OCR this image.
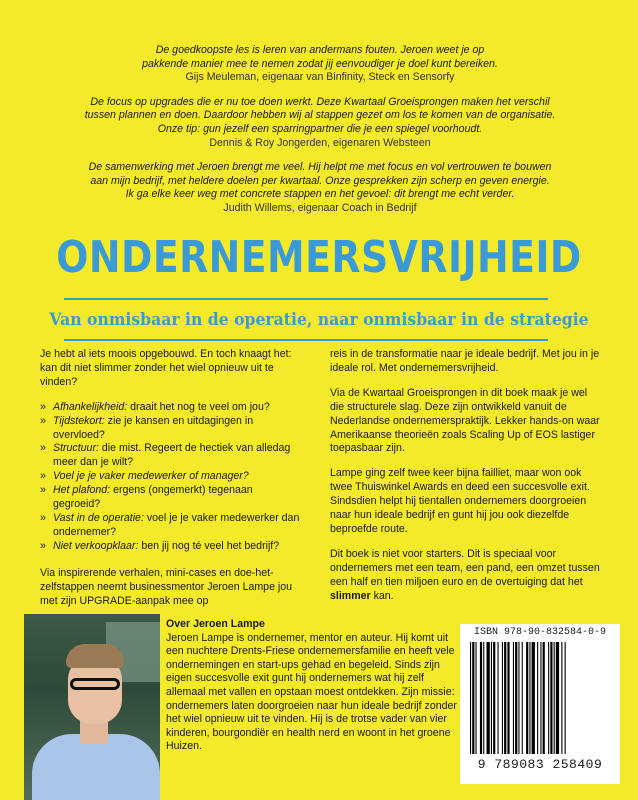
De goedkoopste les is leren van andermans fouten. Jeroen weet je op
pakkende manier mee te nemen zodat jij eenvoudiger je doel kunt bereiken.
Gijs Meuleman, eigenaar van Binfinity, Steck en Sensorfy
De focus op upgrades die er nu toe doen werkt. Deze Kwartaal Groeisprongen maken het verschil
tussen plannen en doen. Daardoor hebben wij al stappen gezet om los te komen van de organisatie.
Onze tip: gun jezelf een sparringpartner die je een spiegel voorhoudt.
Dennis & Roy Jongerden, eigenaren Websteen
De samenwerking met Jeroen brengt me veel. Hij helpt me met focus en vol vertrouwen te bouwen
aan mijn bedrijf, met heldere doelen per kwartaal. Onze gesprekken zijn scherp en geven energie.
Ik ga elke keer weg met concrete stappen en het gevoel: dit brengt me echt verder.
Judith Willems, eigenaar Coach in Bedrijf
ONDERNEMERSVRIJHEID
Van onmisbaar in de operatie, naar onmisbaar in de strategie

Je hebt al iets moois opgebouwd. En toch knaagt het: kan dit niet slimmer zonder het wiel opnieuw uit te vinden?

» Afhankelijkheid: draait het nog te veel om jou?
» Tijdstekort: zie je kansen en uitdagingen in overvloed?
» Structuur: die mist. Regeert de hectiek van alledag meer dan je wilt?
» Voel je je vaker medewerker of manager?
» Het plafond: ergens (ongemerkt) tegenaan gegroeid?
» Vast in de operatie: voel je je vaker medewerker dan ondernemer?
» Niet verkoopklaar: ben jij nog té veel het bedrijf?

Via inspirerende verhalen, mini-cases en doe-het-zelfstappen neemt businessmentor Jeroen Lampe jou met zijn UPGRADE-aanpak mee op

reis in de transformatie naar je ideale bedrijf. Met jou in je ideale rol. Met ondernemersvrijheid.

Via de Kwartaal Groeisprongen in dit boek maak je wel die structurele slag. Deze zijn ontwikkeld vanuit de Nederlandse ondernemerspraktijk. Lekker hands-on waar Amerikaanse theorieën zoals Scaling Up of EOS lastiger toepasbaar zijn.

Lampe ging zelf twee keer bijna failliet, maar won ook twee Thuiswinkel Awards en deed een succesvolle exit. Sindsdien helpt hij tientallen ondernemers doorgroeien naar hun ideale bedrijf en gunt hij jou ook diezelfde beproefde route.

Dit boek is niet voor starters. Dit is speciaal voor ondernemers met een team, een pand, een omzet tussen een half en tien miljoen euro en de overtuiging dat het slimmer kan.

Over Jeroen Lampe
Jeroen Lampe is ondernemer, mentor en auteur. Hij komt uit een nuchtere Drents-Friese ondernemersfamilie en heeft vele ondernemingen en start-ups gehad en begeleid. Sinds zijn eigen succesvolle exit gunt hij ondernemers wat hij zelf allemaal met vallen en opstaan moest ontdekken. Zijn missie: ondernemers laten doorgroeien naar hun ideale bedrijf zonder het wiel opnieuw uit te vinden. Hij is de trotse vader van vier kinderen, bourgondiër en health nerd en woont in het groene Huizen.
ISBN 978-90-832584-0-9
9 789083 258409
